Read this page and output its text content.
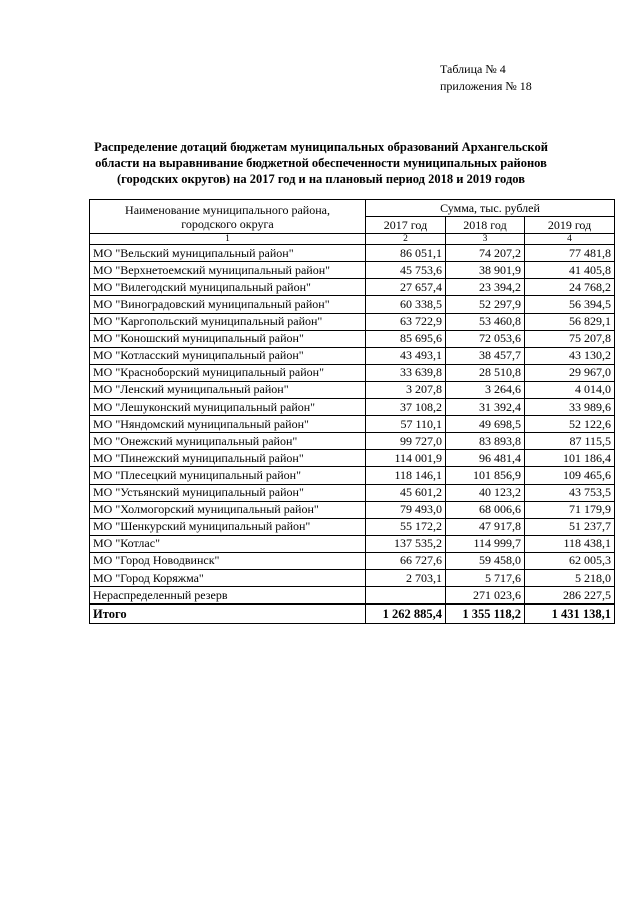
Таблица № 4
приложения № 18
Распределение дотаций бюджетам муниципальных образований Архангельской
области на выравнивание бюджетной обеспеченности муниципальных районов
(городских округов) на 2017 год и на плановый период 2018 и 2019 годов
Наименование муниципального района,
городского округа	Сумма, тыс. рублей		
	2017 год	2018 год	2019 год
1	2	3	4
МО "Вельский муниципальный район"	86 051,1	74 207,2	77 481,8
МО "Верхнетоемский муниципальный район"	45 753,6	38 901,9	41 405,8
МО "Вилегодский муниципальный район"	27 657,4	23 394,2	24 768,2
МО "Виноградовский муниципальный район"	60 338,5	52 297,9	56 394,5
МО "Каргопольский муниципальный район"	63 722,9	53 460,8	56 829,1
МО "Коношский муниципальный район"	85 695,6	72 053,6	75 207,8
МО "Котласский муниципальный район"	43 493,1	38 457,7	43 130,2
МО "Красноборский муниципальный район"	33 639,8	28 510,8	29 967,0
МО "Ленский муниципальный район"	3 207,8	3 264,6	4 014,0
МО "Лешуконский муниципальный район"	37 108,2	31 392,4	33 989,6
МО "Няндомский муниципальный район"	57 110,1	49 698,5	52 122,6
МО "Онежский муниципальный район"	99 727,0	83 893,8	87 115,5
МО "Пинежский муниципальный район"	114 001,9	96 481,4	101 186,4
МО "Плесецкий муниципальный район"	118 146,1	101 856,9	109 465,6
МО "Устьянский муниципальный район"	45 601,2	40 123,2	43 753,5
МО "Холмогорский муниципальный район"	79 493,0	68 006,6	71 179,9
МО "Шенкурский муниципальный район"	55 172,2	47 917,8	51 237,7
МО "Котлас"	137 535,2	114 999,7	118 438,1
МО "Город Новодвинск"	66 727,6	59 458,0	62 005,3
МО "Город Коряжма"	2 703,1	5 717,6	5 218,0
Нераспределенный резерв		271 023,6	286 227,5
Итого	1 262 885,4	1 355 118,2	1 431 138,1
